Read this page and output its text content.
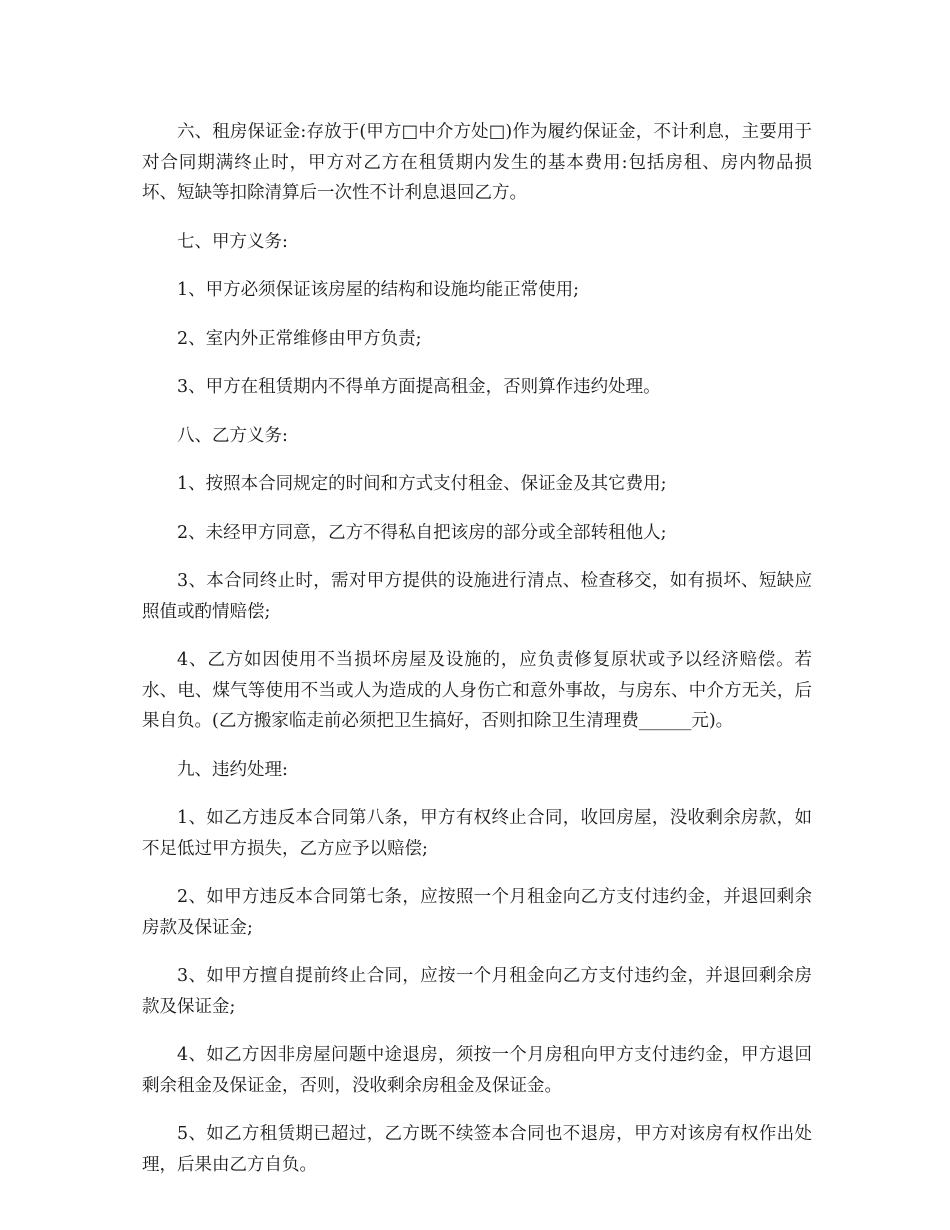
六、租房保证金:存放于(甲方□中介方处□)作为履约保证金，不计利息，主要用于对合同期满终止时，甲方对乙方在租赁期内发生的基本费用:包括房租、房内物品损坏、短缺等扣除清算后一次性不计利息退回乙方。

七、甲方义务:

1、甲方必须保证该房屋的结构和设施均能正常使用;

2、室内外正常维修由甲方负责;

3、甲方在租赁期内不得单方面提高租金，否则算作违约处理。

八、乙方义务:

1、按照本合同规定的时间和方式支付租金、保证金及其它费用;

2、未经甲方同意，乙方不得私自把该房的部分或全部转租他人;

3、本合同终止时，需对甲方提供的设施进行清点、检查移交，如有损坏、短缺应照值或酌情赔偿;

4、乙方如因使用不当损坏房屋及设施的，应负责修复原状或予以经济赔偿。若水、电、煤气等使用不当或人为造成的人身伤亡和意外事故，与房东、中介方无关，后果自负。(乙方搬家临走前必须把卫生搞好，否则扣除卫生清理费______元)。

九、违约处理:

1、如乙方违反本合同第八条，甲方有权终止合同，收回房屋，没收剩余房款，如不足低过甲方损失，乙方应予以赔偿;

2、如甲方违反本合同第七条，应按照一个月租金向乙方支付违约金，并退回剩余房款及保证金;

3、如甲方擅自提前终止合同，应按一个月租金向乙方支付违约金，并退回剩余房款及保证金;

4、如乙方因非房屋问题中途退房，须按一个月房租向甲方支付违约金，甲方退回剩余租金及保证金，否则，没收剩余房租金及保证金。

5、如乙方租赁期已超过，乙方既不续签本合同也不退房，甲方对该房有权作出处理，后果由乙方自负。
